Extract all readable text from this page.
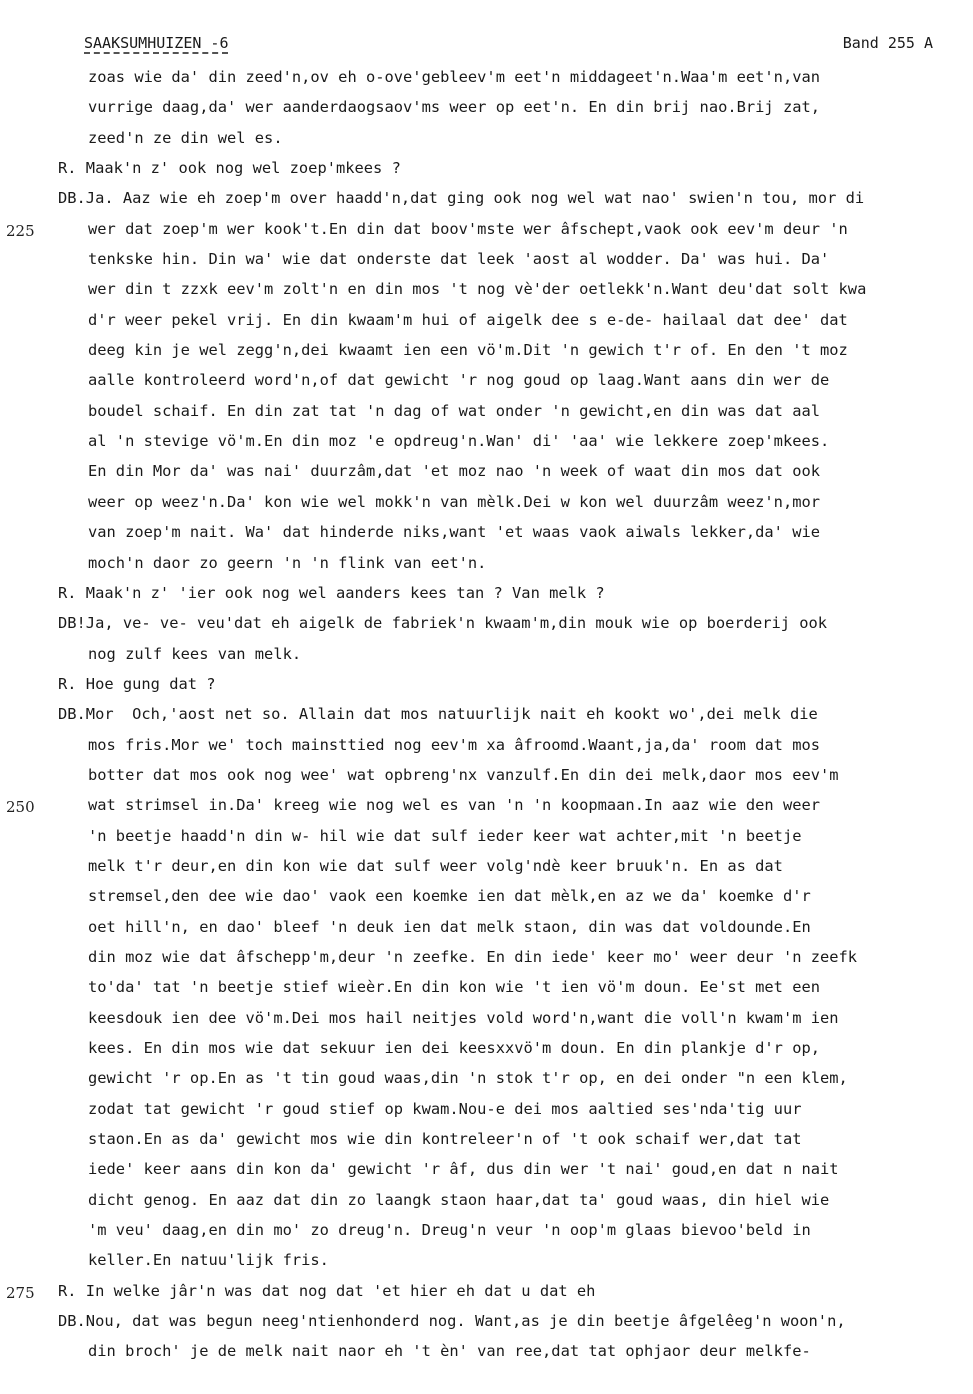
SAAKSUMHUIZEN -6	Band 255 A
zoas wie da' din zeed'n,ov eh o-ove'gebleev'm eet'n middageet'n.Waa'm eet'n,van
vurrige daag,da' wer aanderdaogsaov'ms weer op eet'n. En din brij nao.Brij zat,
zeed'n ze din wel es.
R. Maak'n z' ook nog wel zoep'mkees ?
DB.Ja. Aaz wie eh zoep'm over haadd'n,dat ging ook nog wel wat nao' swien'n tou, mor di
wer dat zoep'm wer kook't.En din dat boov'mste wer âfschept,vaok ook eev'm deur 'n
tenkske hin. Din wa' wie dat onderste dat leek 'aost al wodder. Da' was hui. Da'
wer din t zzxk eev'm zolt'n en din mos 't nog vè'der oetlekk'n.Want deu'dat solt kwa
d'r weer pekel vrij. En din kwaam'm hui of aigelk dee s e-de- hailaal dat dee' dat
deeg kin je wel zegg'n,dei kwaamt ien een vö'm.Dit 'n gewich t'r of. En den 't moz
aalle kontroleerd word'n,of dat gewicht 'r nog goud op laag.Want aans din wer de
boudel schaif. En din zat tat 'n dag of wat onder 'n gewicht,en din was dat aal
al 'n stevige vö'm.En din moz 'e opdreug'n.Wan' di' 'aa' wie lekkere zoep'mkees.
En din Mor da' was nai' duurzâm,dat 'et moz nao 'n week of waat din mos dat ook
weer op weez'n.Da' kon wie wel mokk'n van mèlk.Dei w kon wel duurzâm weez'n,mor
van zoep'm nait. Wa' dat hinderde niks,want 'et waas vaok aiwals lekker,da' wie
moch'n daor zo geern 'n 'n flink van eet'n.
R. Maak'n z' 'ier ook nog wel aanders kees tan ? Van melk ?
DB!Ja, ve- ve- veu'dat eh aigelk de fabriek'n kwaam'm,din mouk wie op boerderij ook
nog zulf kees van melk.
R. Hoe gung dat ?
DB.Mor  Och,'aost net so. Allain dat mos natuurlijk nait eh kookt wo',dei melk die
mos fris.Mor we' toch mainsttied nog eev'm xa âfroomd.Waant,ja,da' room dat mos
botter dat mos ook nog wee' wat opbreng'nx vanzulf.En din dei melk,daor mos eev'm
wat strimsel in.Da' kreeg wie nog wel es van 'n 'n koopmaan.In aaz wie den weer
'n beetje haadd'n din w- hil wie dat sulf ieder keer wat achter,mit 'n beetje
melk t'r deur,en din kon wie dat sulf weer volg'ndè keer bruuk'n. En as dat
stremsel,den dee wie dao' vaok een koemke ien dat mèlk,en az we da' koemke d'r
oet hill'n, en dao' bleef 'n deuk ien dat melk staon, din was dat voldounde.En
din moz wie dat âfschepp'm,deur 'n zeefke. En din iede' keer mo' weer deur 'n zeefk
to'da' tat 'n beetje stief wieèr.En din kon wie 't ien vö'm doun. Ee'st met een
keesdouk ien dee vö'm.Dei mos hail neitjes vold word'n,want die voll'n kwam'm ien
kees. En din mos wie dat sekuur ien dei keesxxvö'm doun. En din plankje d'r op,
gewicht 'r op.En as 't tin goud waas,din 'n stok t'r op, en dei onder "n een klem,
zodat tat gewicht 'r goud stief op kwam.Nou-e dei mos aaltied ses'nda'tig uur
staon.En as da' gewicht mos wie din kontreleer'n of 't ook schaif wer,dat tat
iede' keer aans din kon da' gewicht 'r âf, dus din wer 't nai' goud,en dat n nait
dicht genog. En aaz dat din zo laangk staon haar,dat ta' goud waas, din hiel wie
'm veu' daag,en din mo' zo dreug'n. Dreug'n veur 'n oop'm glaas bievoo'beld in
keller.En natuu'lijk fris.
R. In welke jâr'n was dat nog dat 'et hier eh dat u dat eh
DB.Nou, dat was begun neeg'ntienhonderd nog. Want,as je din beetje âfgelêeg'n woon'n,
din broch' je de melk nait naor eh 't èn' van ree,dat tat ophjaor deur melkfe-
225
250
275
